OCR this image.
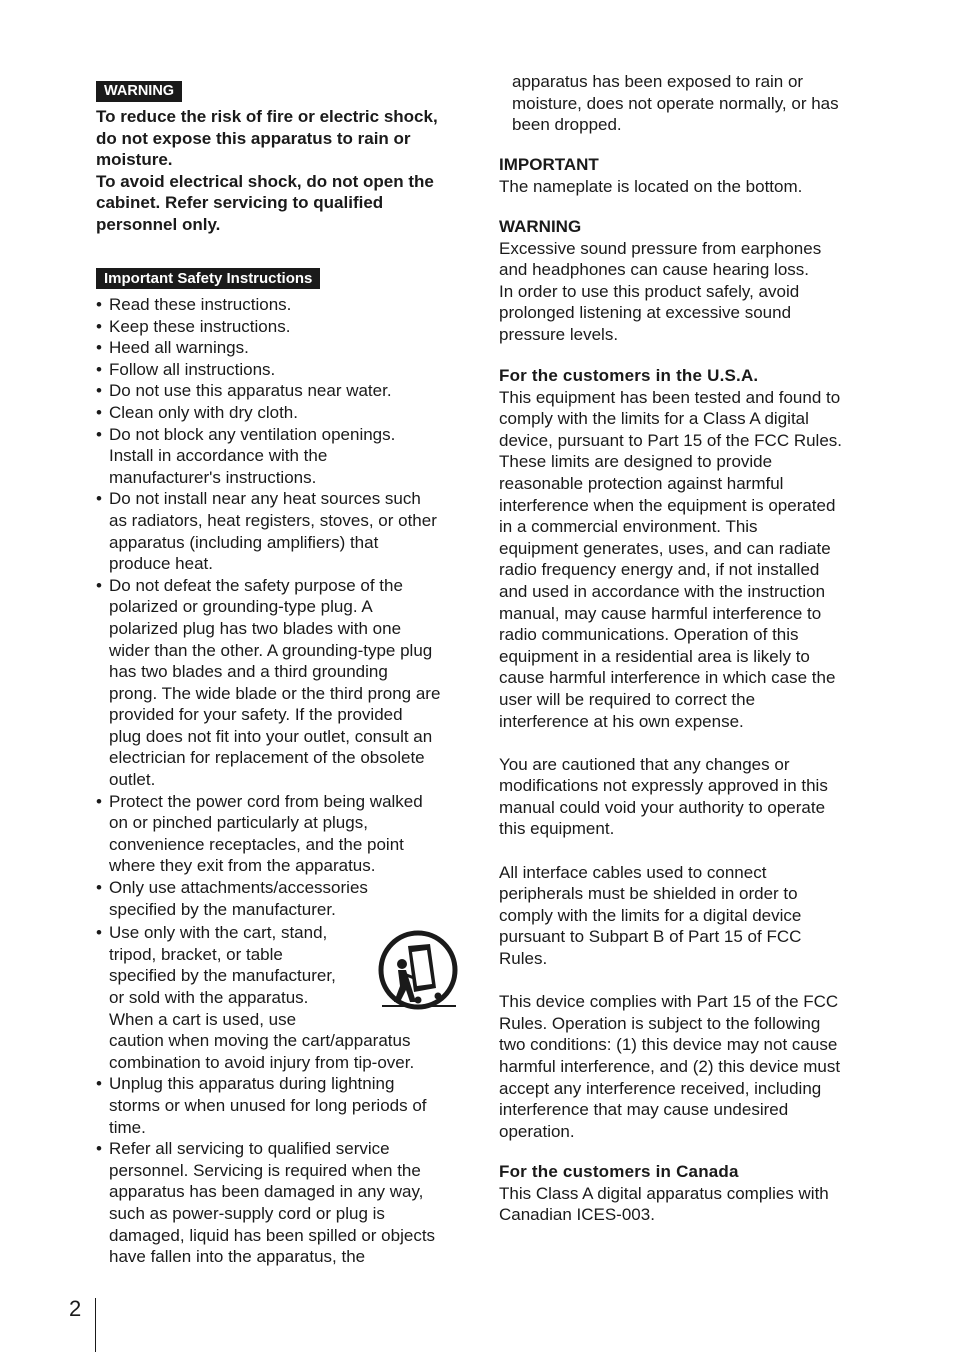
WARNING
To reduce the risk of fire or electric shock,
do not expose this apparatus to rain or
moisture.
To avoid electrical shock, do not open the
cabinet. Refer servicing to qualified
personnel only.
Important Safety Instructions
• Read these instructions.
• Keep these instructions.
• Heed all warnings.
• Follow all instructions.
• Do not use this apparatus near water.
• Clean only with dry cloth.
• Do not block any ventilation openings.
Install in accordance with the
manufacturer's instructions.
• Do not install near any heat sources such
as radiators, heat registers, stoves, or other
apparatus (including amplifiers) that
produce heat.
• Do not defeat the safety purpose of the
polarized or grounding-type plug. A
polarized plug has two blades with one
wider than the other. A grounding-type plug
has two blades and a third grounding
prong. The wide blade or the third prong are
provided for your safety. If the provided
plug does not fit into your outlet, consult an
electrician for replacement of the obsolete
outlet.
• Protect the power cord from being walked
on or pinched particularly at plugs,
convenience receptacles, and the point
where they exit from the apparatus.
• Only use attachments/accessories
specified by the manufacturer.
• Use only with the cart, stand,
tripod, bracket, or table
specified by the manufacturer,
or sold with the apparatus.
When a cart is used, use
caution when moving the cart/apparatus
combination to avoid injury from tip-over.
• Unplug this apparatus during lightning
storms or when unused for long periods of
time.
• Refer all servicing to qualified service
personnel. Servicing is required when the
apparatus has been damaged in any way,
such as power-supply cord or plug is
damaged, liquid has been spilled or objects
have fallen into the apparatus, the
apparatus has been exposed to rain or
moisture, does not operate normally, or has
been dropped.
IMPORTANT
The nameplate is located on the bottom.
WARNING
Excessive sound pressure from earphones
and headphones can cause hearing loss.
In order to use this product safely, avoid
prolonged listening at excessive sound
pressure levels.
For the customers in the U.S.A.
This equipment has been tested and found to
comply with the limits for a Class A digital
device, pursuant to Part 15 of the FCC Rules.
These limits are designed to provide
reasonable protection against harmful
interference when the equipment is operated
in a commercial environment. This
equipment generates, uses, and can radiate
radio frequency energy and, if not installed
and used in accordance with the instruction
manual, may cause harmful interference to
radio communications. Operation of this
equipment in a residential area is likely to
cause harmful interference in which case the
user will be required to correct the
interference at his own expense.
You are cautioned that any changes or
modifications not expressly approved in this
manual could void your authority to operate
this equipment.
All interface cables used to connect
peripherals must be shielded in order to
comply with the limits for a digital device
pursuant to Subpart B of Part 15 of FCC
Rules.
This device complies with Part 15 of the FCC
Rules. Operation is subject to the following
two conditions: (1) this device may not cause
harmful interference, and (2) this device must
accept any interference received, including
interference that may cause undesired
operation.
For the customers in Canada
This Class A digital apparatus complies with
Canadian ICES-003.
2
